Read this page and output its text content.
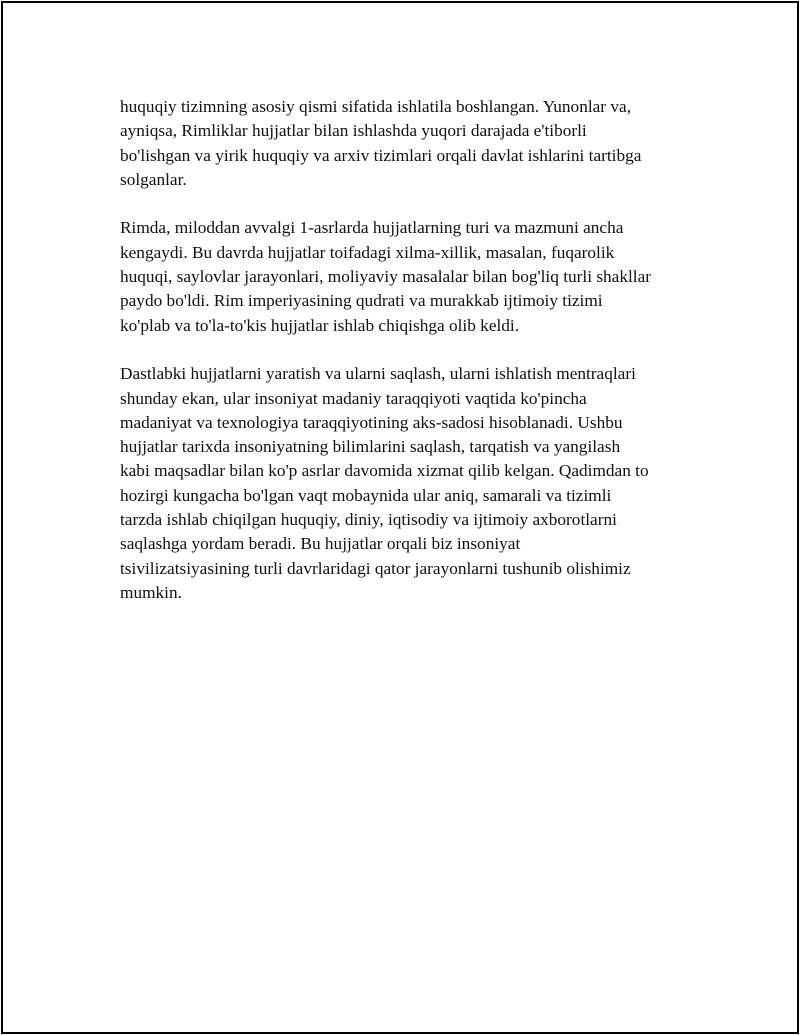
huquqiy tizimning asosiy qismi sifatida ishlatila boshlangan. Yunonlar va,
ayniqsa, Rimliklar hujjatlar bilan ishlashda yuqori darajada e'tiborli
bo'lishgan va yirik huquqiy va arxiv tizimlari orqali davlat ishlarini tartibga
solganlar.

Rimda, miloddan avvalgi 1-asrlarda hujjatlarning turi va mazmuni ancha
kengaydi. Bu davrda hujjatlar toifadagi xilma-xillik, masalan, fuqarolik
huquqi, saylovlar jarayonlari, moliyaviy masalalar bilan bog'liq turli shakllar
paydo bo'ldi. Rim imperiyasining qudrati va murakkab ijtimoiy tizimi
ko'plab va to'la-to'kis hujjatlar ishlab chiqishga olib keldi.

Dastlabki hujjatlarni yaratish va ularni saqlash, ularni ishlatish mentraqlari
shunday ekan, ular insoniyat madaniy taraqqiyoti vaqtida ko'pincha
madaniyat va texnologiya taraqqiyotining aks-sadosi hisoblanadi. Ushbu
hujjatlar tarixda insoniyatning bilimlarini saqlash, tarqatish va yangilash
kabi maqsadlar bilan ko'p asrlar davomida xizmat qilib kelgan. Qadimdan to
hozirgi kungacha bo'lgan vaqt mobaynida ular aniq, samarali va tizimli
tarzda ishlab chiqilgan huquqiy, diniy, iqtisodiy va ijtimoiy axborotlarni
saqlashga yordam beradi. Bu hujjatlar orqali biz insoniyat
tsivilizatsiyasining turli davrlaridagi qator jarayonlarni tushunib olishimiz
mumkin.
